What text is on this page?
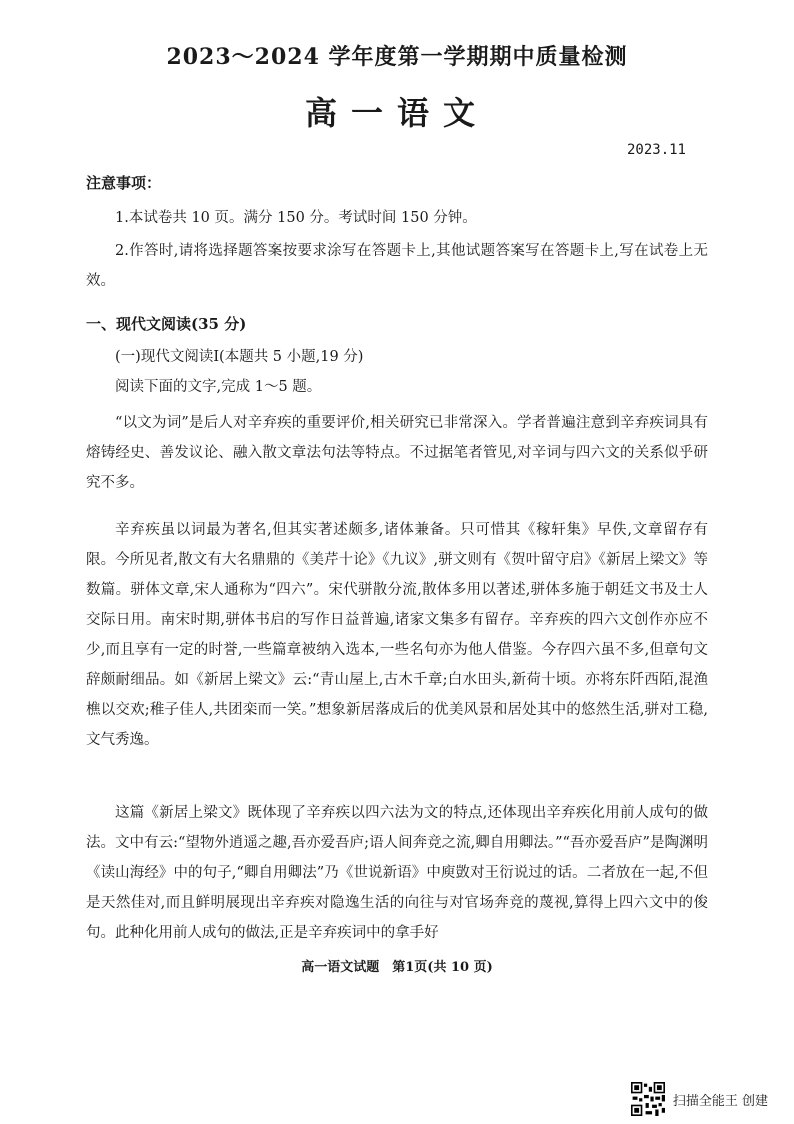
2023～2024 学年度第一学期期中质量检测
高一语文
2023.11
注意事项：
1.本试卷共 10 页。满分 150 分。考试时间 150 分钟。
2.作答时,请将选择题答案按要求涂写在答题卡上,其他试题答案写在答题卡上,写在试卷上无效。
一、现代文阅读(35 分)
(一)现代文阅读Ⅰ(本题共 5 小题,19 分)
阅读下面的文字,完成 1～5 题。
“以文为词”是后人对辛弃疾的重要评价,相关研究已非常深入。学者普遍注意到辛弃疾词具有熔铸经史、善发议论、融入散文章法句法等特点。不过据笔者管见,对辛词与四六文的关系似乎研究不多。
辛弃疾虽以词最为著名,但其实著述颇多,诸体兼备。只可惜其《稼轩集》早佚,文章留存有限。今所见者,散文有大名鼎鼎的《美芹十论》《九议》,骈文则有《贺叶留守启》《新居上梁文》等数篇。骈体文章,宋人通称为“四六”。宋代骈散分流,散体多用以著述,骈体多施于朝廷文书及士人交际日用。南宋时期,骈体书启的写作日益普遍,诸家文集多有留存。辛弃疾的四六文创作亦应不少,而且享有一定的时誉,一些篇章被纳入选本,一些名句亦为他人借鉴。今存四六虽不多,但章句文辞颇耐细品。如《新居上梁文》云:“青山屋上,古木千章;白水田头,新荷十顷。亦将东阡西陌,混渔樵以交欢;稚子佳人,共团栾而一笑。”想象新居落成后的优美风景和居处其中的悠然生活,骈对工稳,文气秀逸。
这篇《新居上梁文》既体现了辛弃疾以四六法为文的特点,还体现出辛弃疾化用前人成句的做法。文中有云:“望物外逍遥之趣,吾亦爱吾庐;语人间奔竞之流,卿自用卿法。”“吾亦爱吾庐”是陶渊明《读山海经》中的句子,“卿自用卿法”乃《世说新语》中庾敳对王衍说过的话。二者放在一起,不但是天然佳对,而且鲜明展现出辛弃疾对隐逸生活的向往与对官场奔竞的蔑视,算得上四六文中的俊句。此种化用前人成句的做法,正是辛弃疾词中的拿手好
高一语文试题　第1页(共 10 页)
扫描全能王 创建
